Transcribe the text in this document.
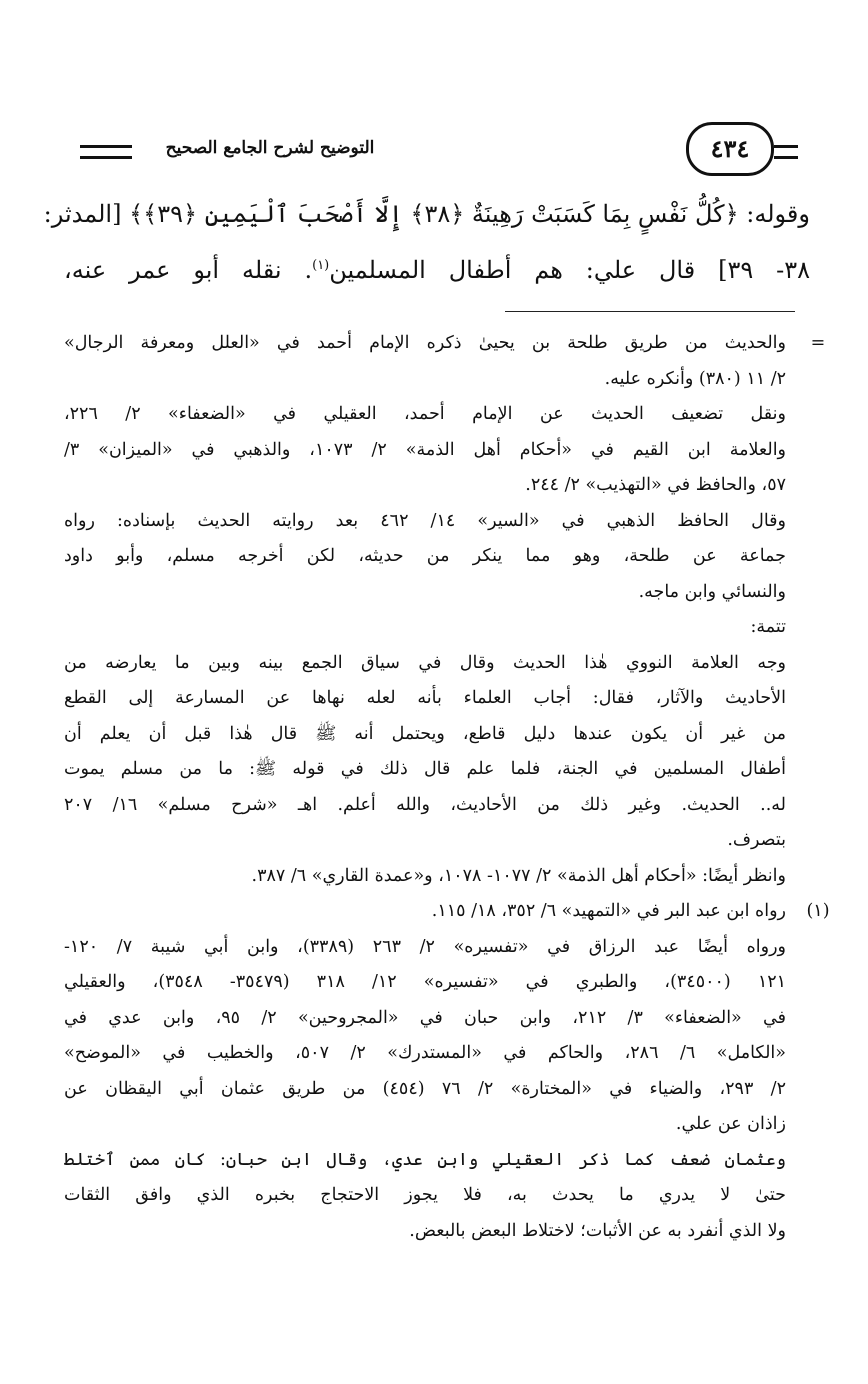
٤٣٤
التوضيح لشرح الجامع الصحيح
وقوله: ﴿كُلُّ نَفْسٍ بِمَا كَسَبَتْ رَهِينَةٌ ﴿٣٨﴾ إِلَّا أَصْحَبَ ٱلْيَمِينِ ﴿٣٩﴾﴾ [المدثر:
٣٨- ٣٩] قال علي: هم أطفال المسلمين$^{(١)}$. نقله أبو عمر عنه،

=
والحديث من طريق طلحة بن يحيىٰ ذكره الإمام أحمد في «العلل ومعرفة الرجال»
٢/ ١١ (٣٨٠) وأنكره عليه.

ونقل تضعيف الحديث عن الإمام أحمد، العقيلي في «الضعفاء» ٢/ ٢٢٦،
والعلامة ابن القيم في «أحكام أهل الذمة» ٢/ ١٠٧٣، والذهبي في «الميزان» ٣/
٥٧، والحافظ في «التهذيب» ٢/ ٢٤٤.

وقال الحافظ الذهبي في «السير» ١٤/ ٤٦٢ بعد روايته الحديث بإسناده: رواه
جماعة عن طلحة، وهو مما ينكر من حديثه، لكن أخرجه مسلم، وأبو داود
والنسائي وابن ماجه.

تتمة:

وجه العلامة النووي هٰذا الحديث وقال في سياق الجمع بينه وبين ما يعارضه من
الأحاديث والآثار، فقال: أجاب العلماء بأنه لعله نهاها عن المسارعة إلى القطع
من غير أن يكون عندها دليل قاطع، ويحتمل أنه ﷺ قال هٰذا قبل أن يعلم أن
أطفال المسلمين في الجنة، فلما علم قال ذلك في قوله ﷺ: ما من مسلم يموت
له.. الحديث. وغير ذلك من الأحاديث، والله أعلم. اهـ «شرح مسلم» ١٦/ ٢٠٧
بتصرف.

وانظر أيضًا: «أحكام أهل الذمة» ٢/ ١٠٧٧- ١٠٧٨، و«عمدة القاري» ٦/ ٣٨٧.

(١)
رواه ابن عبد البر في «التمهيد» ٦/ ٣٥٢، ١٨/ ١١٥.

ورواه أيضًا عبد الرزاق في «تفسيره» ٢/ ٢٦٣ (٣٣٨٩)، وابن أبي شيبة ٧/ ١٢٠-
١٢١ (٣٤٥٠٠)، والطبري في «تفسيره» ١٢/ ٣١٨ (٣٥٤٧٩- ٣٥٤٨)، والعقيلي
في «الضعفاء» ٣/ ٢١٢، وابن حبان في «المجروحين» ٢/ ٩٥، وابن عدي في
«الكامل» ٦/ ٢٨٦، والحاكم في «المستدرك» ٢/ ٥٠٧، والخطيب في «الموضح»
٢/ ٢٩٣، والضياء في «المختارة» ٢/ ٧٦ (٤٥٤) من طريق عثمان أبي اليقظان عن
زاذان عن علي.

وعثمان ضعف كما ذكر العقيلي وابن عدي، وقال ابن حبان: كان ممن ٱختلط
حتىٰ لا يدري ما يحدث به، فلا يجوز الاحتجاج بخبره الذي وافق الثقات
ولا الذي أنفرد به عن الأثبات؛ لاختلاط البعض بالبعض.
